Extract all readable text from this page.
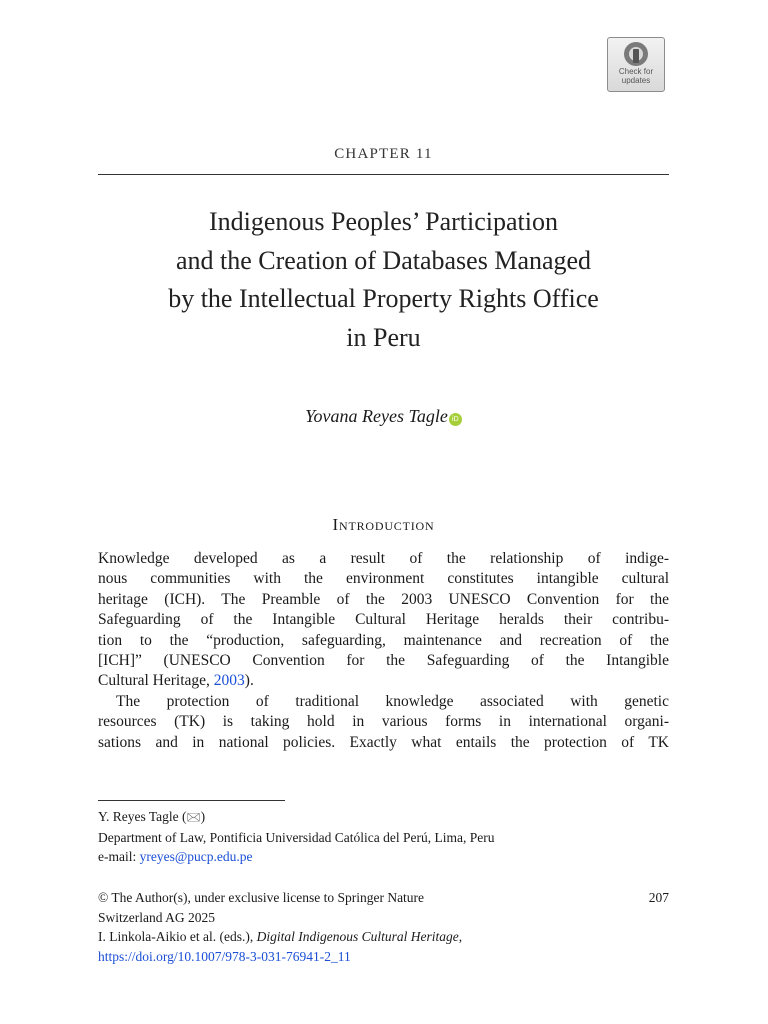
Check for
updates
CHAPTER 11
Indigenous Peoples’ Participation
and the Creation of Databases Managed
by the Intellectual Property Rights Office
in Peru
Yovana Reyes Tagle iD
Introduction
Knowledge developed as a result of the relationship of indige-
nous communities with the environment constitutes intangible cultural
heritage (ICH). The Preamble of the 2003 UNESCO Convention for the
Safeguarding of the Intangible Cultural Heritage heralds their contribu-
tion to the “production, safeguarding, maintenance and recreation of the
[ICH]” (UNESCO Convention for the Safeguarding of the Intangible
Cultural Heritage, 2003).
The protection of traditional knowledge associated with genetic
resources (TK) is taking hold in various forms in international organi-
sations and in national policies. Exactly what entails the protection of TK
Y. Reyes Tagle (🖂︎)
Department of Law, Pontificia Universidad Católica del Perú, Lima, Peru
e-mail: yreyes@pucp.edu.pe
207
© The Author(s), under exclusive license to Springer Nature
Switzerland AG 2025
I. Linkola-Aikio et al. (eds.), Digital Indigenous Cultural Heritage,
https://doi.org/10.1007/978-3-031-76941-2_11
